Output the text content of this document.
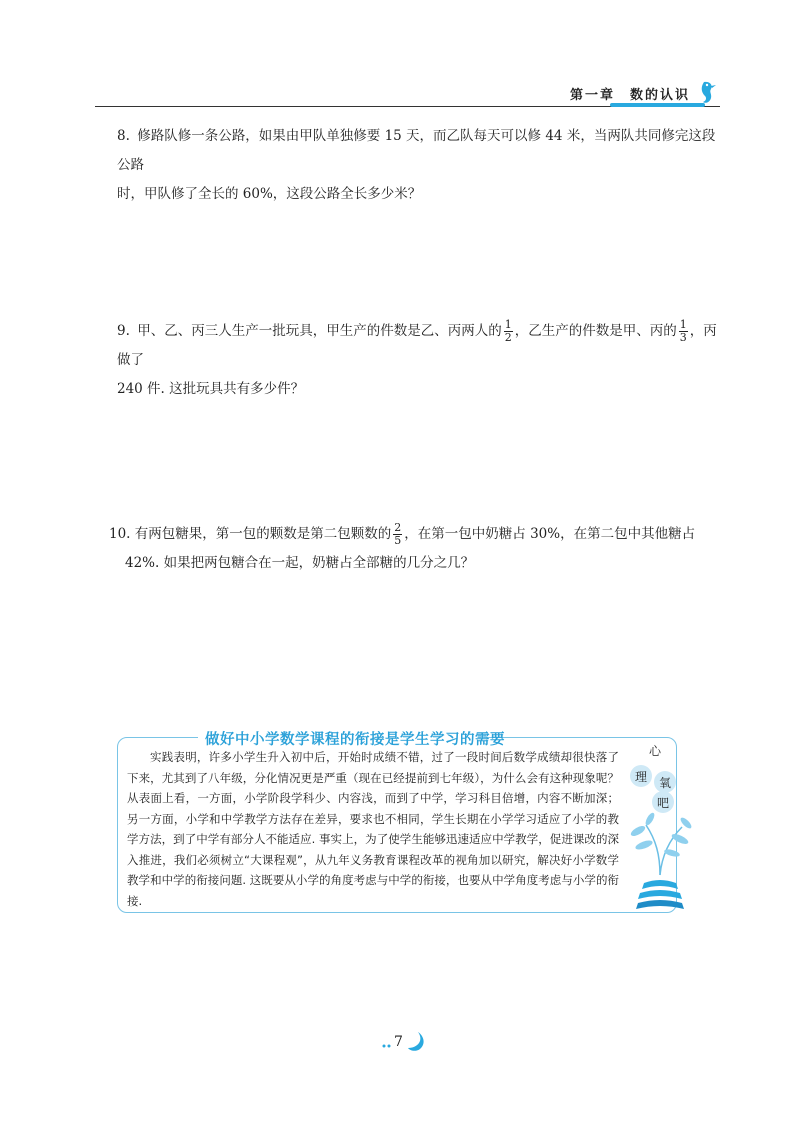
第一章　数的认识
8. 修路队修一条公路，如果由甲队单独修要 15 天，而乙队每天可以修 44 米，当两队共同修完这段公路
时，甲队修了全长的 60%，这段公路全长多少米？
9. 甲、乙、丙三人生产一批玩具，甲生产的件数是乙、丙两人的 $\frac{1}{2}$ ，乙生产的件数是甲、丙的 $\frac{1}{3}$ ，丙做了
240 件. 这批玩具共有多少件？
10. 有两包糖果，第一包的颗数是第二包颗数的 $\frac{2}{5}$ ，在第一包中奶糖占 30%，在第二包中其他糖占
42%. 如果把两包糖合在一起，奶糖占全部糖的几分之几？
做好中小学数学课程的衔接是学生学习的需要
实践表明，许多小学生升入初中后，开始时成绩不错，过了一段时间后数学成绩却很快落了下来，尤其到了八年级，分化情况更是严重（现在已经提前到七年级），为什么会有这种现象呢？从表面上看，一方面，小学阶段学科少、内容浅，而到了中学，学习科目倍增，内容不断加深；另一方面，小学和中学教学方法存在差异，要求也不相同，学生长期在小学学习适应了小学的教学方法，到了中学有部分人不能适应. 事实上，为了使学生能够迅速适应中学教学，促进课改的深入推进，我们必须树立“大课程观”，从九年义务教育课程改革的视角加以研究，解决好小学数学教学和中学的衔接问题. 这既要从小学的角度考虑与中学的衔接，也要从中学角度考虑与小学的衔接.
心
理 氧
吧
7
